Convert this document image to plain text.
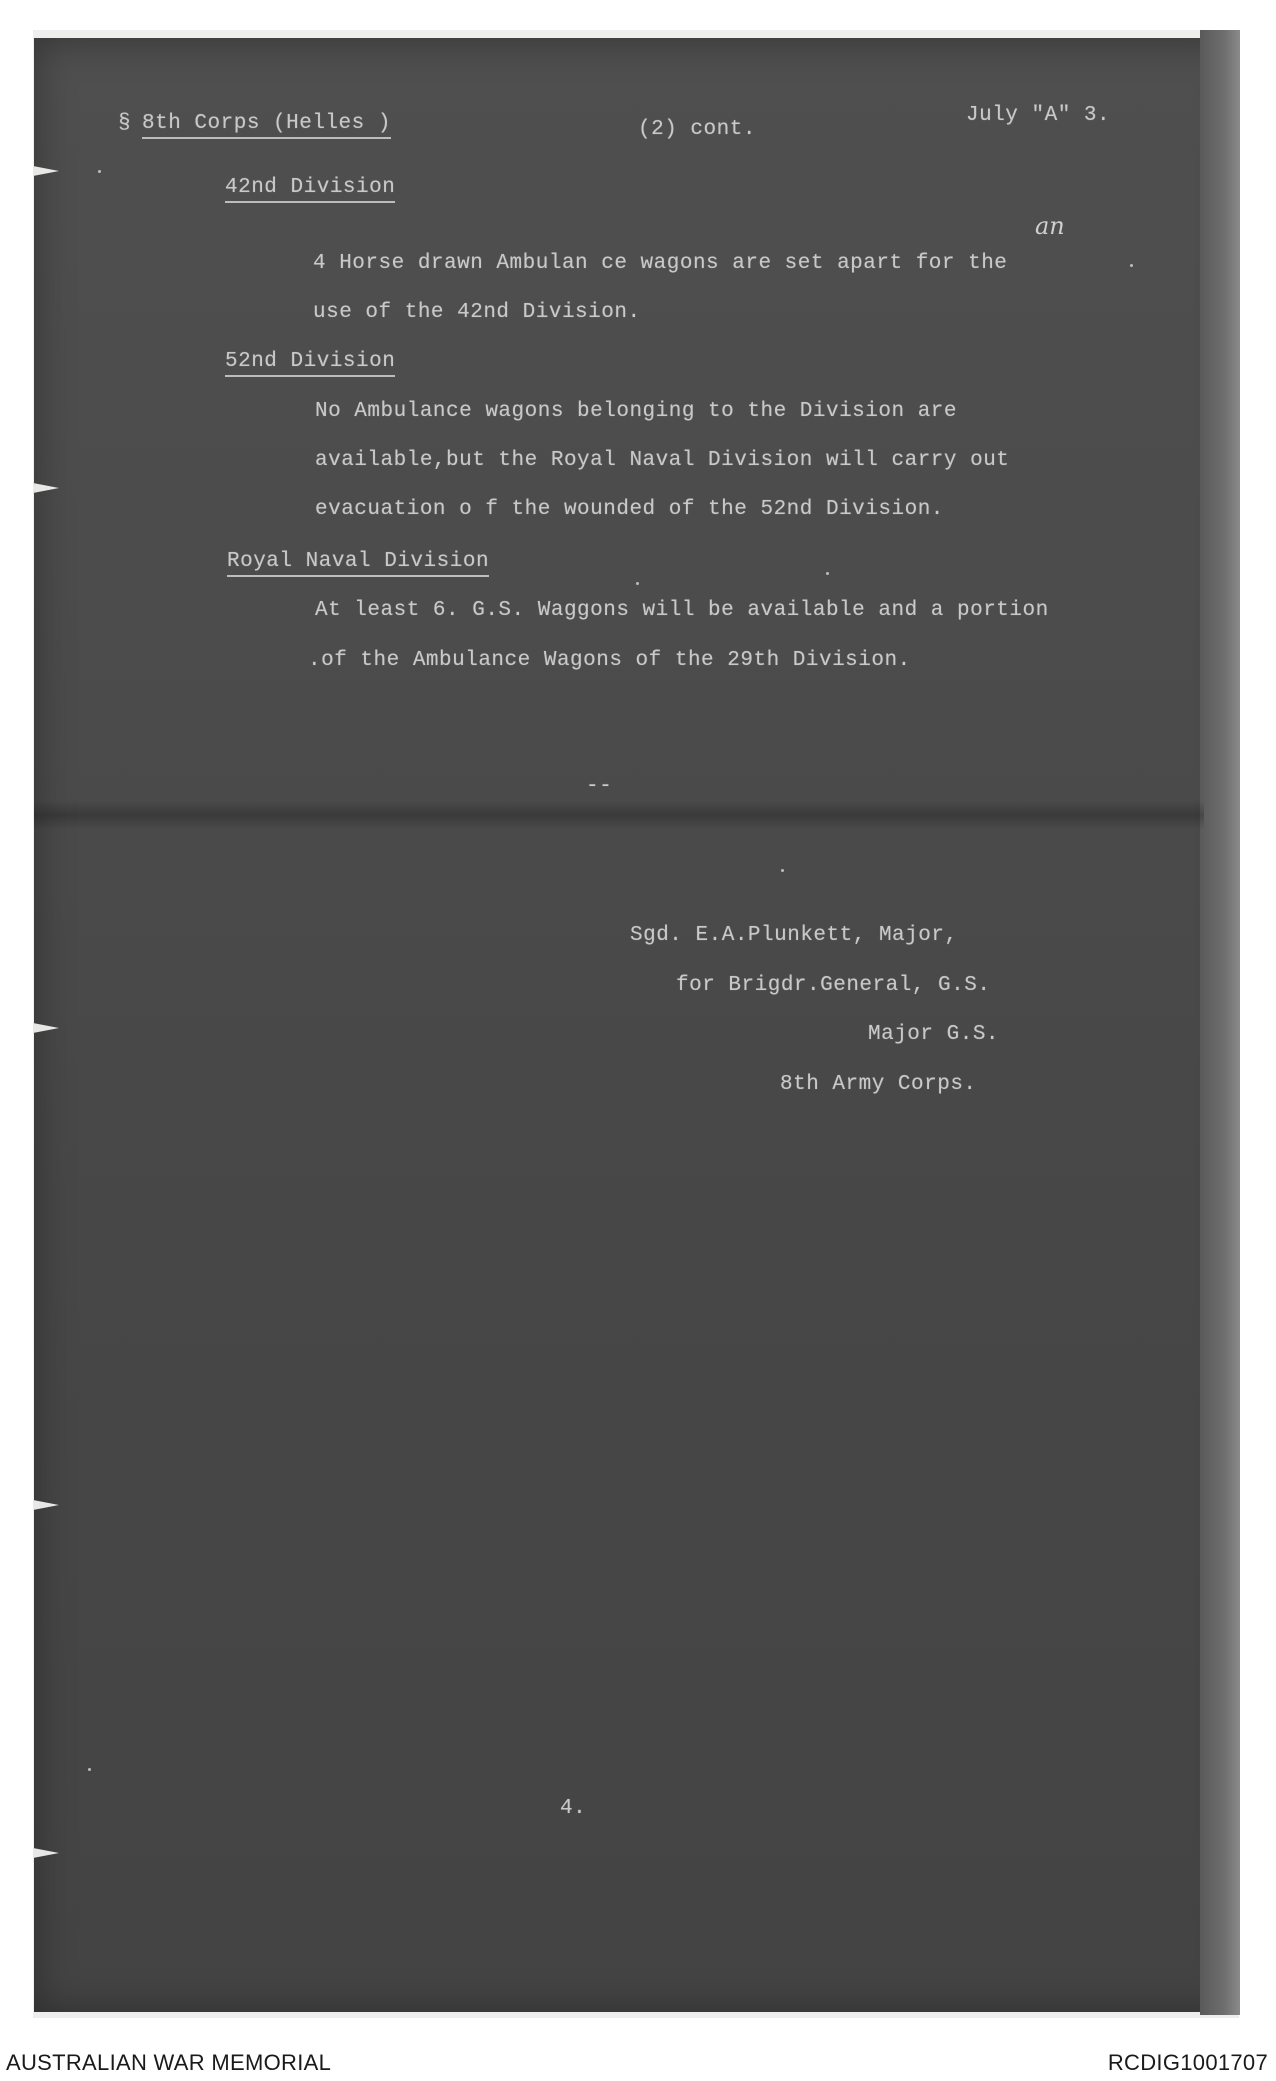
§ 8th Corps (Helles )	(2) cont.
July "A" 3.
42nd Division
an
4 Horse drawn Ambulan ce wagons are set apart for the
use of the 42nd Division.
52nd Division
No Ambulance wagons belonging to the Division are
available,but the Royal Naval Division will carry out
evacuation o f the wounded of the 52nd Division.
Royal Naval Division
At least 6. G.S. Waggons will be available and a portion
.of the Ambulance Wagons of the 29th Division.
--
Sgd. E.A.Plunkett, Major,
for Brigdr.General, G.S.
Major G.S.
8th Army Corps.
4.
AUSTRALIAN WAR MEMORIAL	RCDIG1001707
